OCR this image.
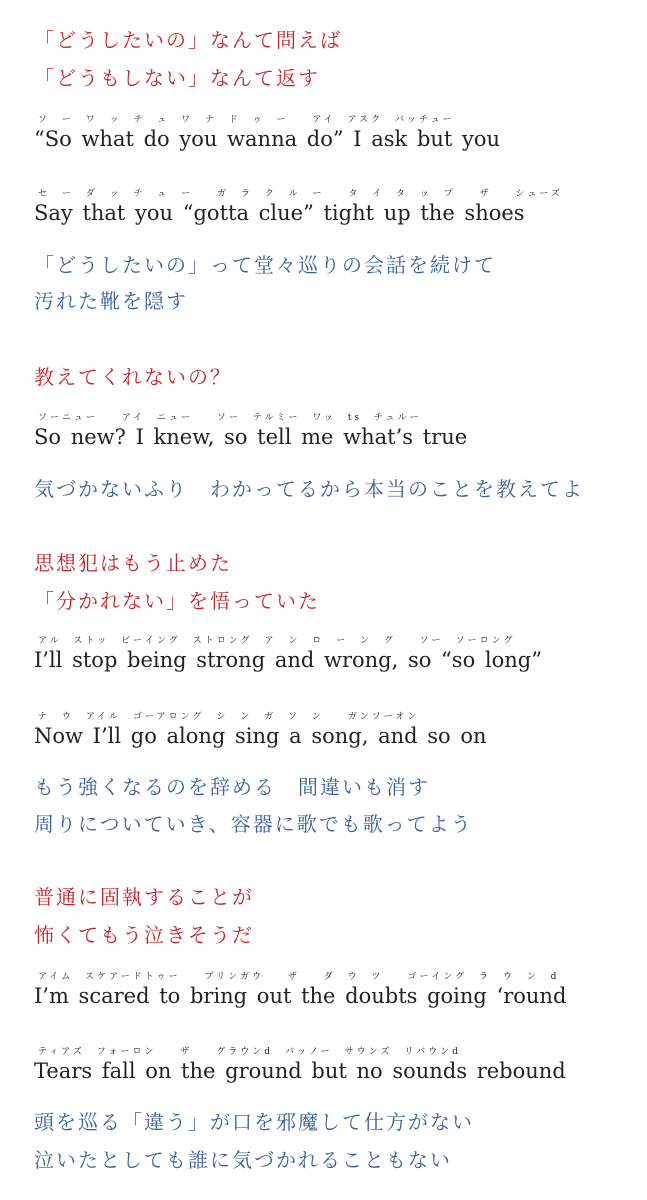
「どうしたいの」なんて問えば
「どうもしない」なんて返す
ソ ー ワ ッ チ ュ ワ ナ ド ゥ ー　 アイ アスク バッチュー
“So what do you wanna do” I ask but you
セ ー ダ ッ チ ュ ー　 ガ ラ ク ル ー　 タ イ タ ッ プ　 ザ　 シューズ
Say that you “gotta clue” tight up the shoes
「どうしたいの」って堂々巡りの会話を続けて
汚れた靴を隠す
教えてくれないの？
ソーニュー　 アイ　ニュー　 ソー テルミー　ワッ ts チュルー
So new? I knew, so tell me what’s true
気づかないふり　わかってるから本当のことを教えてよ
思想犯はもう止めた
「分かれない」を悟っていた
アル ストッ　ビーイング　ストロング　ア ン ロ ー ン グ　 ソー　ソーロング
I’ll stop being strong and wrong, so “so long”
ナ ウ　アイル　ゴーアロング　シ ン ガ ソ ン　 ガンソーオン
Now I’ll go along sing a song, and so on
もう強くなるのを辞める　間違いも消す
周りについていき、容器に歌でも歌ってよう
普通に固執することが
怖くてもう泣きそうだ
アイム スケアードトゥー　 ブリンガウ　 ザ　 ダ ウ ツ　 ゴーイング ラ ウ ン d
I’m scared to bring out the doubts going ‘round
ティアズ　フォーロン　 ザ　 グラウンd　バッノー　サウンズ　リバウンd
Tears fall on the ground but no sounds rebound
頭を巡る「違う」が口を邪魔して仕方がない
泣いたとしても誰に気づかれることもない
